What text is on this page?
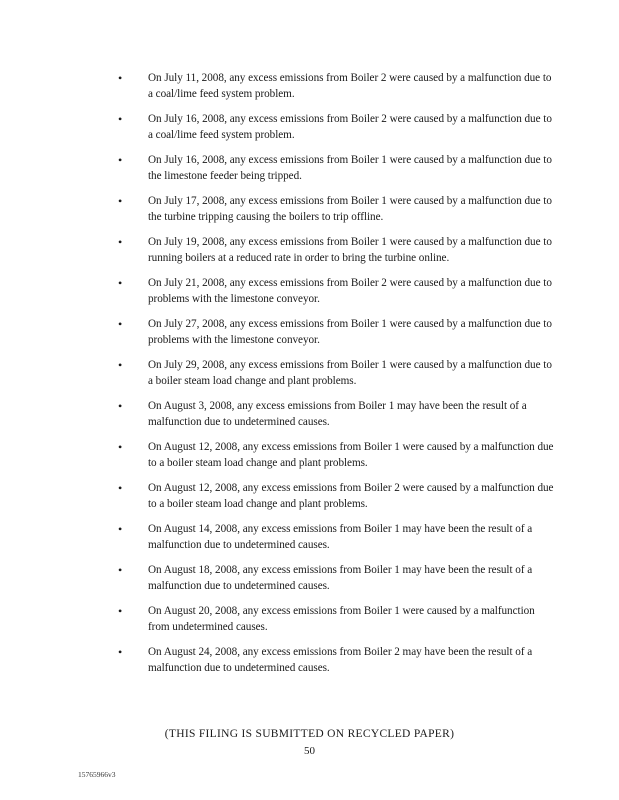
• On July 11, 2008, any excess emissions from Boiler 2 were caused by a malfunction due to a coal/lime feed system problem.
• On July 16, 2008, any excess emissions from Boiler 2 were caused by a malfunction due to a coal/lime feed system problem.
• On July 16, 2008, any excess emissions from Boiler 1 were caused by a malfunction due to the limestone feeder being tripped.
• On July 17, 2008, any excess emissions from Boiler 1 were caused by a malfunction due to the turbine tripping causing the boilers to trip offline.
• On July 19, 2008, any excess emissions from Boiler 1 were caused by a malfunction due to running boilers at a reduced rate in order to bring the turbine online.
• On July 21, 2008, any excess emissions from Boiler 2 were caused by a malfunction due to problems with the limestone conveyor.
• On July 27, 2008, any excess emissions from Boiler 1 were caused by a malfunction due to problems with the limestone conveyor.
• On July 29, 2008, any excess emissions from Boiler 1 were caused by a malfunction due to a boiler steam load change and plant problems.
• On August 3, 2008, any excess emissions from Boiler 1 may have been the result of a malfunction due to undetermined causes.
• On August 12, 2008, any excess emissions from Boiler 1 were caused by a malfunction due to a boiler steam load change and plant problems.
• On August 12, 2008, any excess emissions from Boiler 2 were caused by a malfunction due to a boiler steam load change and plant problems.
• On August 14, 2008, any excess emissions from Boiler 1 may have been the result of a malfunction due to undetermined causes.
• On August 18, 2008, any excess emissions from Boiler 1 may have been the result of a malfunction due to undetermined causes.
• On August 20, 2008, any excess emissions from Boiler 1 were caused by a malfunction from undetermined causes.
• On August 24, 2008, any excess emissions from Boiler 2 may have been the result of a malfunction due to undetermined causes.
(THIS FILING IS SUBMITTED ON RECYCLED PAPER)
50
15765966v3
